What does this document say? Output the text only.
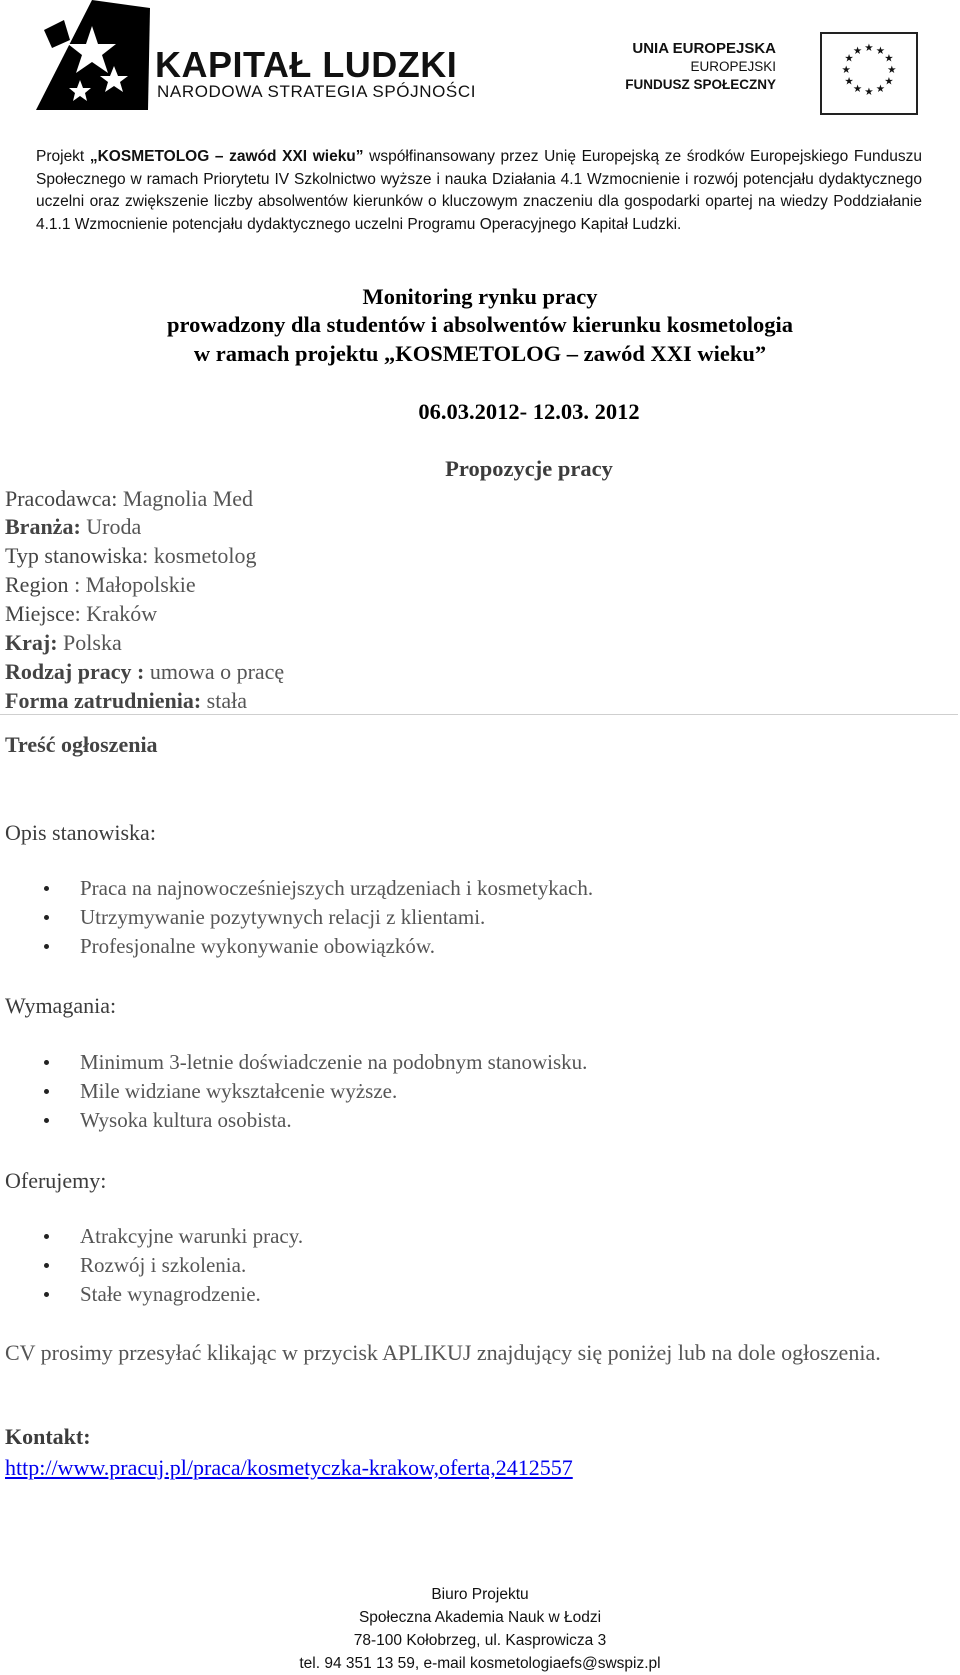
KAPITAŁ LUDZKI
NARODOWA STRATEGIA SPÓJNOŚCI
UNIA EUROPEJSKA
EUROPEJSKI
FUNDUSZ SPOŁECZNY
★ ★
★
★
★
★
★
★
★
★
★
★
Projekt „KOSMETOLOG – zawód XXI wieku” współfinansowany przez Unię Europejską ze środków Europejskiego Funduszu Społecznego w ramach Priorytetu IV Szkolnictwo wyższe i nauka Działania 4.1 Wzmocnienie i rozwój potencjału dydaktycznego uczelni oraz zwiększenie liczby absolwentów kierunków o kluczowym znaczeniu dla gospodarki opartej na wiedzy Poddziałanie 4.1.1 Wzmocnienie potencjału dydaktycznego uczelni Programu Operacyjnego Kapitał Ludzki.
Monitoring rynku pracy
prowadzony dla studentów i absolwentów kierunku kosmetologia
w ramach projektu „KOSMETOLOG – zawód XXI wieku”
06.03.2012- 12.03. 2012
Propozycje pracy
Pracodawca: Magnolia Med
Branża: Uroda
Typ stanowiska: kosmetolog
Region : Małopolskie
Miejsce: Kraków
Kraj: Polska
Rodzaj pracy : umowa o pracę
Forma zatrudnienia: stała
Treść ogłoszenia
Opis stanowiska:
Praca na najnowocześniejszych urządzeniach i kosmetykach.
Utrzymywanie pozytywnych relacji z klientami.
Profesjonalne wykonywanie obowiązków.
Wymagania:
Minimum 3-letnie doświadczenie na podobnym stanowisku.
Mile widziane wykształcenie wyższe.
Wysoka kultura osobista.
Oferujemy:
Atrakcyjne warunki pracy.
Rozwój i szkolenia.
Stałe wynagrodzenie.
CV prosimy przesyłać klikając w przycisk APLIKUJ znajdujący się poniżej lub na dole ogłoszenia.
Kontakt:
http://www.pracuj.pl/praca/kosmetyczka-krakow,oferta,2412557
Biuro Projektu
Społeczna Akademia Nauk w Łodzi
78-100 Kołobrzeg, ul. Kasprowicza 3
tel. 94 351 13 59, e-mail kosmetologiaefs@swspiz.pl
